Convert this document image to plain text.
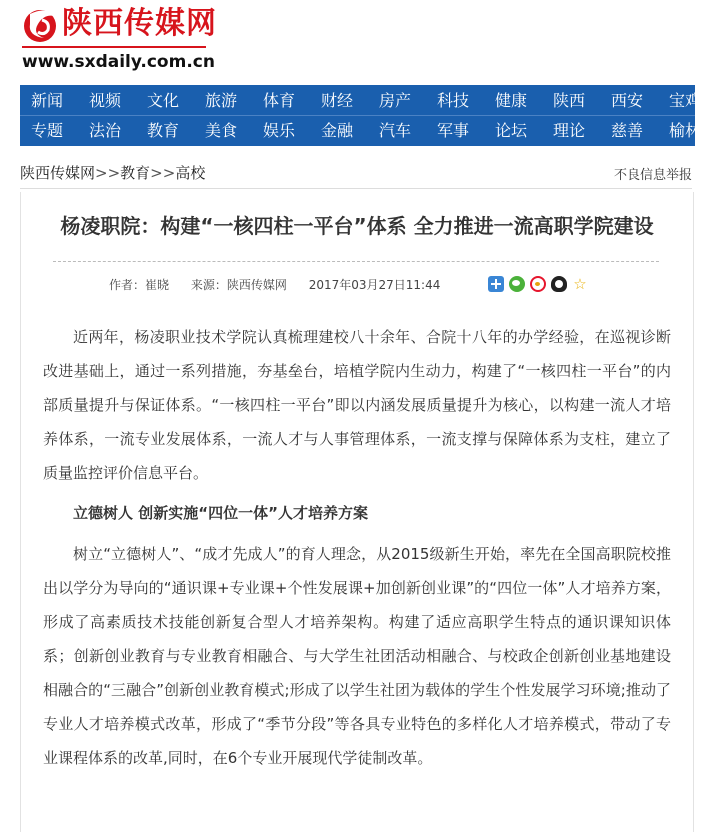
陕西传媒网
www.sxdaily.com.cn
新闻	视频	文化	旅游	体育	财经	房产	科技	健康	陕西	西安	宝鸡
专题	法治	教育	美食	娱乐	金融	汽车	军事	论坛	理论	慈善	榆林
陕西传媒网>>教育>>高校	不良信息举报
杨凌职院：构建“一核四柱一平台”体系 全力推进一流高职学院建设
作者：崔晓 来源：陕西传媒网 2017年03月27日11:44	☆

近两年，杨凌职业技术学院认真梳理建校八十余年、合院十八年的办学经验，在巡视诊断改进基础上，通过一系列措施，夯基垒台，培植学院内生动力，构建了“一核四柱一平台”的内部质量提升与保证体系。“一核四柱一平台”即以内涵发展质量提升为核心，以构建一流人才培养体系，一流专业发展体系，一流人才与人事管理体系，一流支撑与保障体系为支柱，建立了质量监控评价信息平台。

立德树人 创新实施“四位一体”人才培养方案

树立“立德树人”、“成才先成人”的育人理念，从2015级新生开始，率先在全国高职院校推出以学分为导向的“通识课+专业课+个性发展课+加创新创业课”的“四位一体”人才培养方案，形成了高素质技术技能创新复合型人才培养架构。构建了适应高职学生特点的通识课知识体系；创新创业教育与专业教育相融合、与大学生社团活动相融合、与校政企创新创业基地建设相融合的“三融合”创新创业教育模式;形成了以学生社团为载体的学生个性发展学习环境;推动了专业人才培养模式改革，形成了“季节分段”等各具专业特色的多样化人才培养模式，带动了专业课程体系的改革,同时，在6个专业开展现代学徒制改革。
